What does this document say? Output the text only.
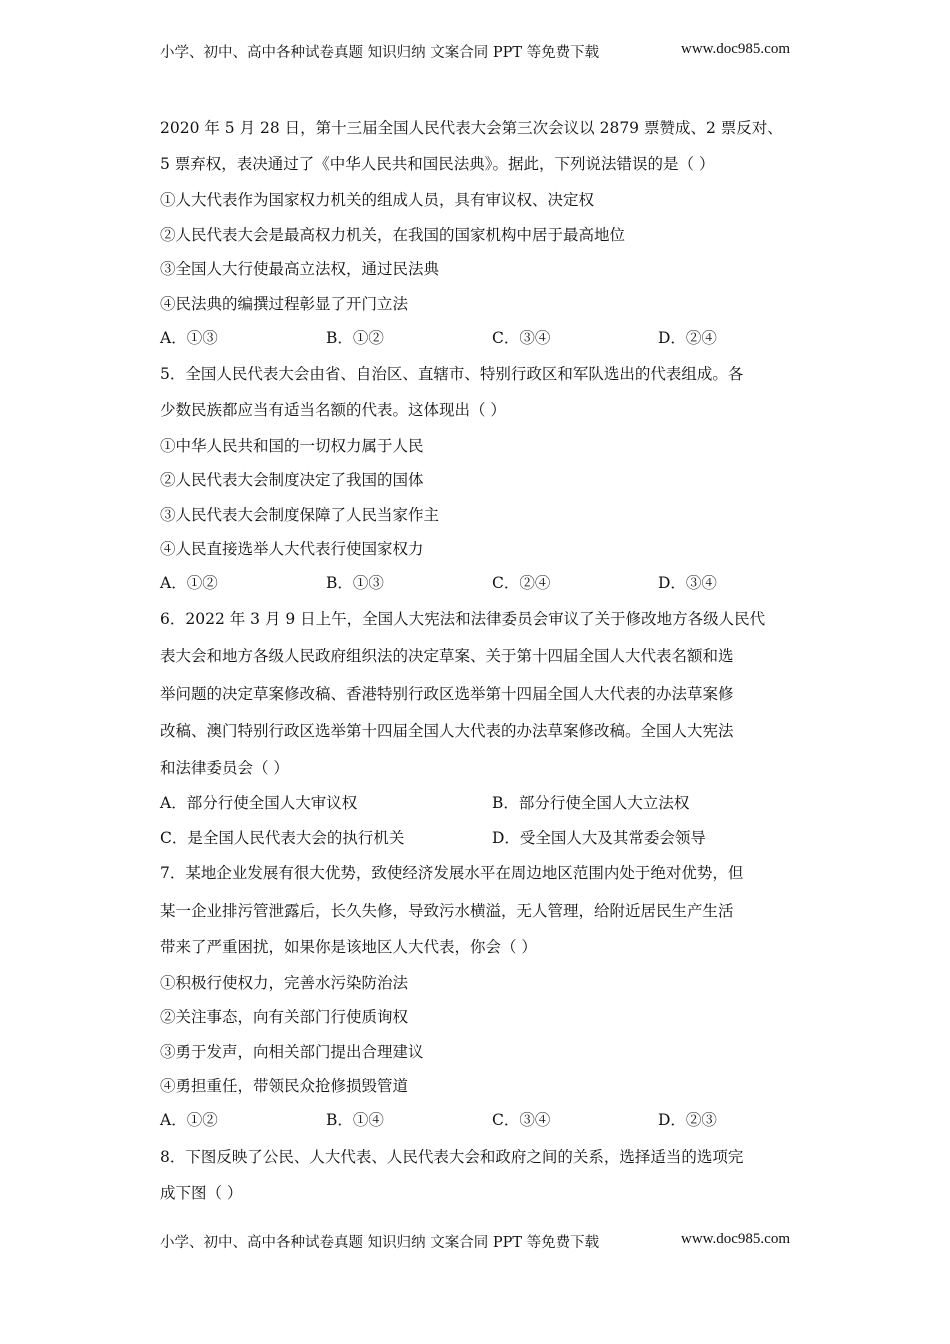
小学、初中、高中各种试卷真题 知识归纳 文案合同 PPT 等免费下载	www.doc985.com
2020 年 5 月 28 日，第十三届全国人民代表大会第三次会议以 2879 票赞成、2 票反对、
5 票弃权，表决通过了《中华人民共和国民法典》。据此，下列说法错误的是（ ）
①人大代表作为国家权力机关的组成人员，具有审议权、决定权
②人民代表大会是最高权力机关，在我国的国家机构中居于最高地位
③全国人大行使最高立法权，通过民法典
④民法典的编撰过程彰显了开门立法
A．①③	B．①②	C．③④	D．②④
5．全国人民代表大会由省、自治区、直辖市、特别行政区和军队选出的代表组成。各
少数民族都应当有适当名额的代表。这体现出（ ）
①中华人民共和国的一切权力属于人民
②人民代表大会制度决定了我国的国体
③人民代表大会制度保障了人民当家作主
④人民直接选举人大代表行使国家权力
A．①②	B．①③	C．②④	D．③④
6．2022 年 3 月 9 日上午，全国人大宪法和法律委员会审议了关于修改地方各级人民代
表大会和地方各级人民政府组织法的决定草案、关于第十四届全国人大代表名额和选
举问题的决定草案修改稿、香港特别行政区选举第十四届全国人大代表的办法草案修
改稿、澳门特别行政区选举第十四届全国人大代表的办法草案修改稿。全国人大宪法
和法律委员会（ ）
A．部分行使全国人大审议权	B．部分行使全国人大立法权
C．是全国人民代表大会的执行机关	D．受全国人大及其常委会领导
7．某地企业发展有很大优势，致使经济发展水平在周边地区范围内处于绝对优势，但
某一企业排污管泄露后，长久失修，导致污水横溢，无人管理，给附近居民生产生活
带来了严重困扰，如果你是该地区人大代表，你会（ ）
①积极行使权力，完善水污染防治法
②关注事态，向有关部门行使质询权
③勇于发声，向相关部门提出合理建议
④勇担重任，带领民众抢修损毁管道
A．①②	B．①④	C．③④	D．②③
8．下图反映了公民、人大代表、人民代表大会和政府之间的关系，选择适当的选项完
成下图（ ）
小学、初中、高中各种试卷真题 知识归纳 文案合同 PPT 等免费下载	www.doc985.com
